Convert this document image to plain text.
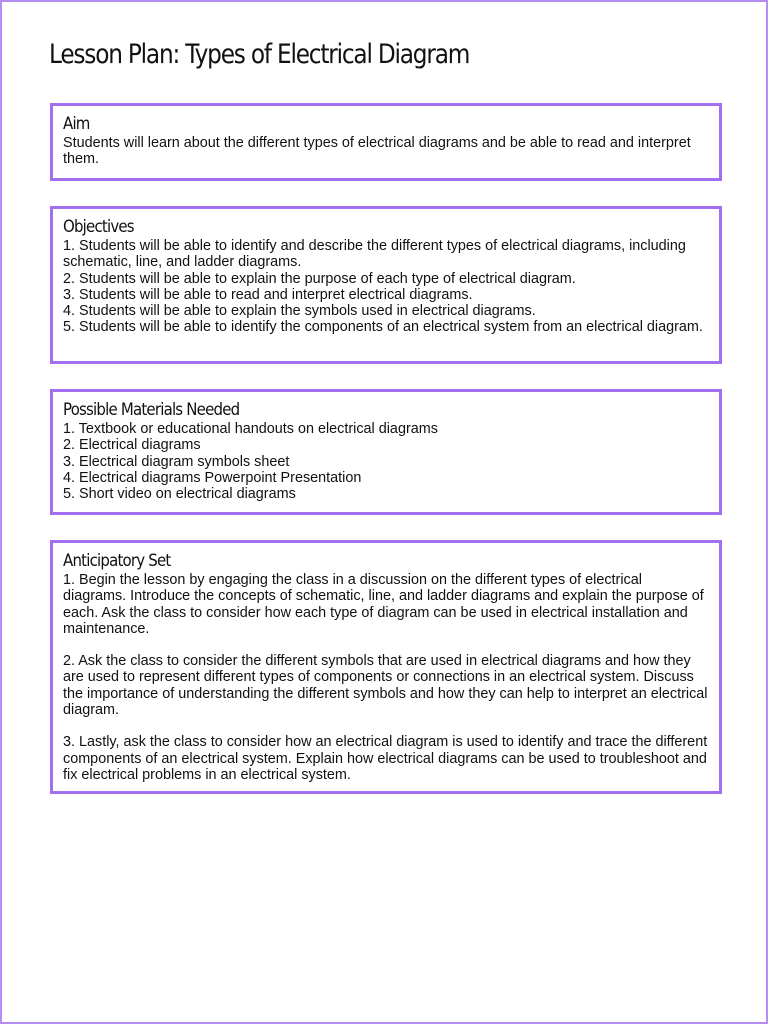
Lesson Plan: Types of Electrical Diagram
Aim
Students will learn about the different types of electrical diagrams and be able to read and interpret them.
Objectives
1. Students will be able to identify and describe the different types of electrical diagrams, including schematic, line, and ladder diagrams.
2. Students will be able to explain the purpose of each type of electrical diagram.
3. Students will be able to read and interpret electrical diagrams.
4. Students will be able to explain the symbols used in electrical diagrams.
5. Students will be able to identify the components of an electrical system from an electrical diagram.
Possible Materials Needed
1. Textbook or educational handouts on electrical diagrams
2. Electrical diagrams
3. Electrical diagram symbols sheet
4. Electrical diagrams Powerpoint Presentation
5. Short video on electrical diagrams
Anticipatory Set

1. Begin the lesson by engaging the class in a discussion on the different types of electrical diagrams. Introduce the concepts of schematic, line, and ladder diagrams and explain the purpose of each. Ask the class to consider how each type of diagram can be used in electrical installation and maintenance.

2. Ask the class to consider the different symbols that are used in electrical diagrams and how they are used to represent different types of components or connections in an electrical system. Discuss the importance of understanding the different symbols and how they can help to interpret an electrical diagram.

3. Lastly, ask the class to consider how an electrical diagram is used to identify and trace the different components of an electrical system. Explain how electrical diagrams can be used to troubleshoot and fix electrical problems in an electrical system.
